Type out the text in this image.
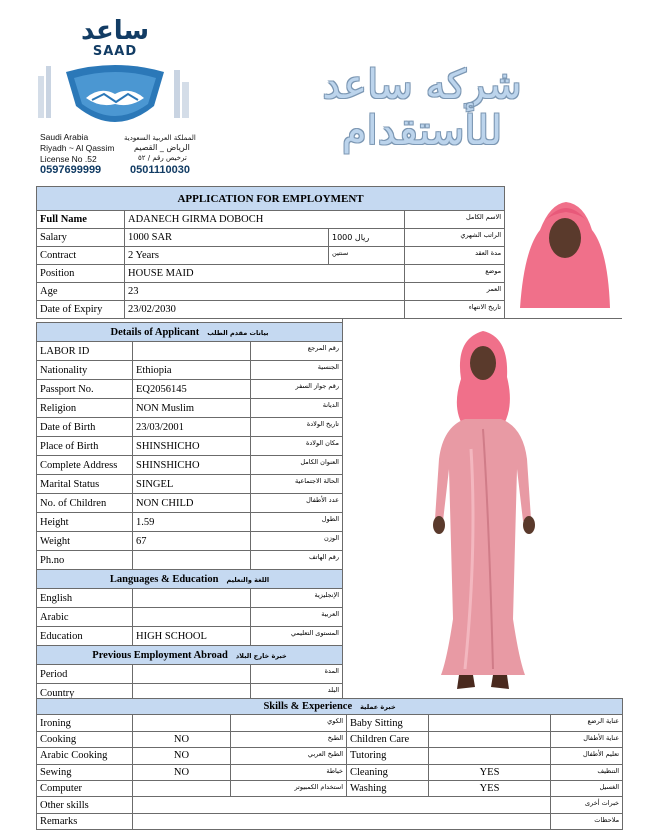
ساعد
SAAD
Saudi Arabia
Riyadh ~ Al Qassim
License No .52
0597699999
المملكة العربية السعودية
الرياض _ القصيم
ترخيص رقم / ٥٢
0501110030
شركه ساعد للأستقدام
APPLICATION FOR EMPLOYMENT			
Full Name	ADANECH GIRMA DOBOCH		الاسم الكامل
Salary	1000 SAR	1000 ريال	الراتب الشهري
Contract	2 Years	سنتين	مدة العقد
Position	HOUSE MAID		موضع
Age	23		العمر
Date of Expiry	23/02/2030		تاريخ الانتهاء
Details of Applicant بيانات مقدم الطلب		
LABOR ID		رقم المرجع
Nationality	Ethiopia	الجنسية
Passport No.	EQ2056145	رقم جواز السفر
Religion	NON Muslim	الديانة
Date of Birth	23/03/2001	تاريخ الولادة
Place of Birth	SHINSHICHO	مكان الولادة
Complete Address	SHINSHICHO	العنوان الكامل
Marital Status	SINGEL	الحالة الاجتماعية
No. of Children	NON CHILD	عدد الأطفال
Height	1.59	الطول
Weight	67	الوزن
Ph.no		رقم الهاتف
Languages & Education اللغة والتعليم		
English		الإنجليزية
Arabic		العربية
Education	HIGH SCHOOL	المستوى التعليمي
Previous Employment Abroad خبرة خارج البلاد		
Period		المدة
Country		البلد
Skills & Experience خبرة عملية					
Ironing		الكوي	Baby Sitting		عناية الرضع
Cooking	NO	الطبخ	Children Care		عناية الأطفال
Arabic Cooking	NO	الطبخ العربي	Tutoring		تعليم الأطفال
Sewing	NO	خياطة	Cleaning	YES	التنظيف
Computer		استخدام الكمبيوتر	Washing	YES	الغسيل
Other skills					خبرات أخرى
Remarks					ملاحظات
